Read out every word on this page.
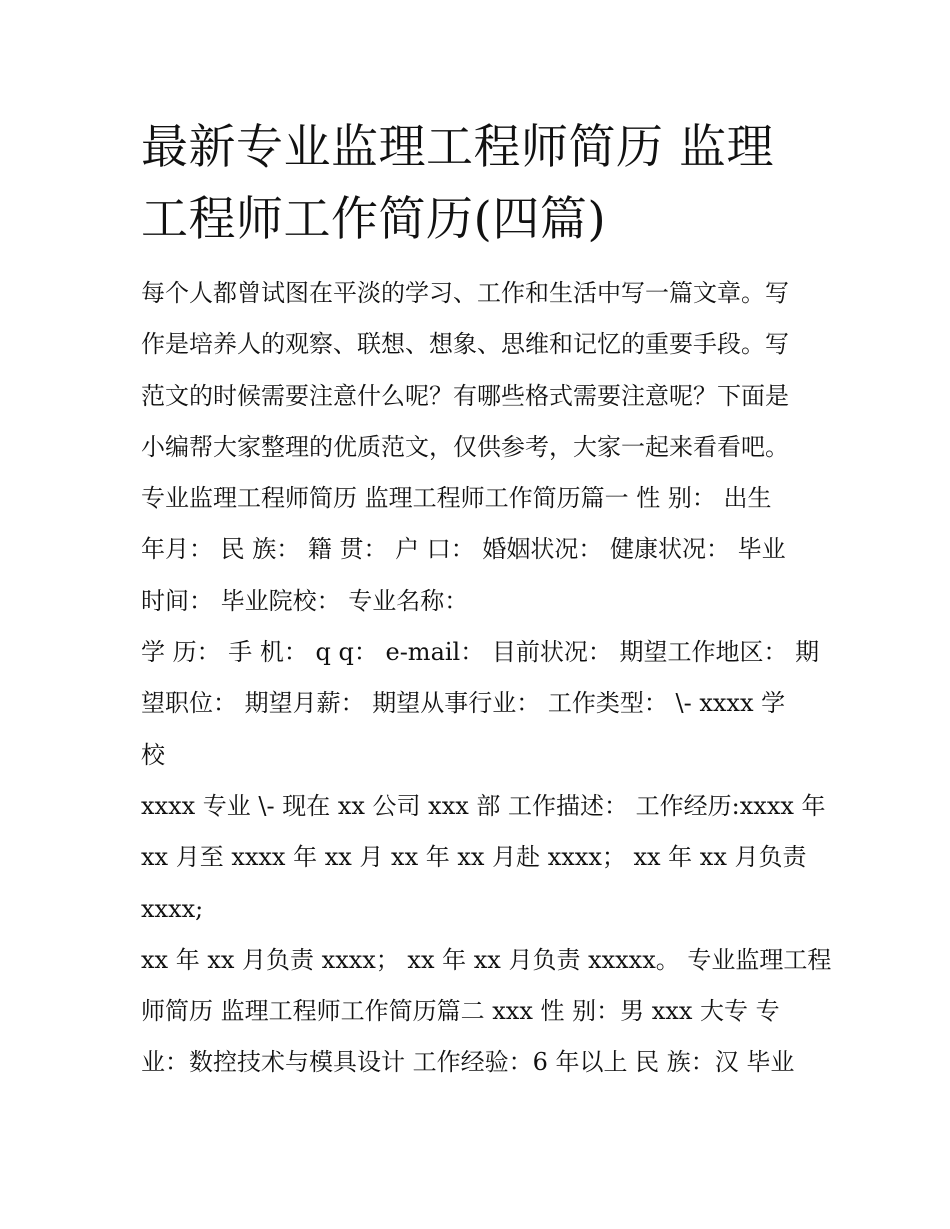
最新专业监理工程师简历 监理
工程师工作简历(四篇)
每个人都曾试图在平淡的学习、工作和生活中写一篇文章。写
作是培养人的观察、联想、想象、思维和记忆的重要手段。写
范文的时候需要注意什么呢？有哪些格式需要注意呢？下面是
小编帮大家整理的优质范文，仅供参考，大家一起来看看吧。
专业监理工程师简历 监理工程师工作简历篇一 性 别： 出生
年月： 民 族： 籍 贯： 户 口： 婚姻状况： 健康状况： 毕业
时间： 毕业院校： 专业名称：
学 历： 手 机： q q： e-mail： 目前状况： 期望工作地区： 期
望职位： 期望月薪： 期望从事行业： 工作类型： \- xxxx 学
校
xxxx 专业 \- 现在 xx 公司 xxx 部 工作描述： 工作经历:xxxx 年
xx 月至 xxxx 年 xx 月 xx 年 xx 月赴 xxxx； xx 年 xx 月负责
xxxx;
xx 年 xx 月负责 xxxx； xx 年 xx 月负责 xxxxx。 专业监理工程
师简历 监理工程师工作简历篇二 xxx 性 别：男 xxx 大专 专
业：数控技术与模具设计 工作经验：6 年以上 民 族：汉 毕业
